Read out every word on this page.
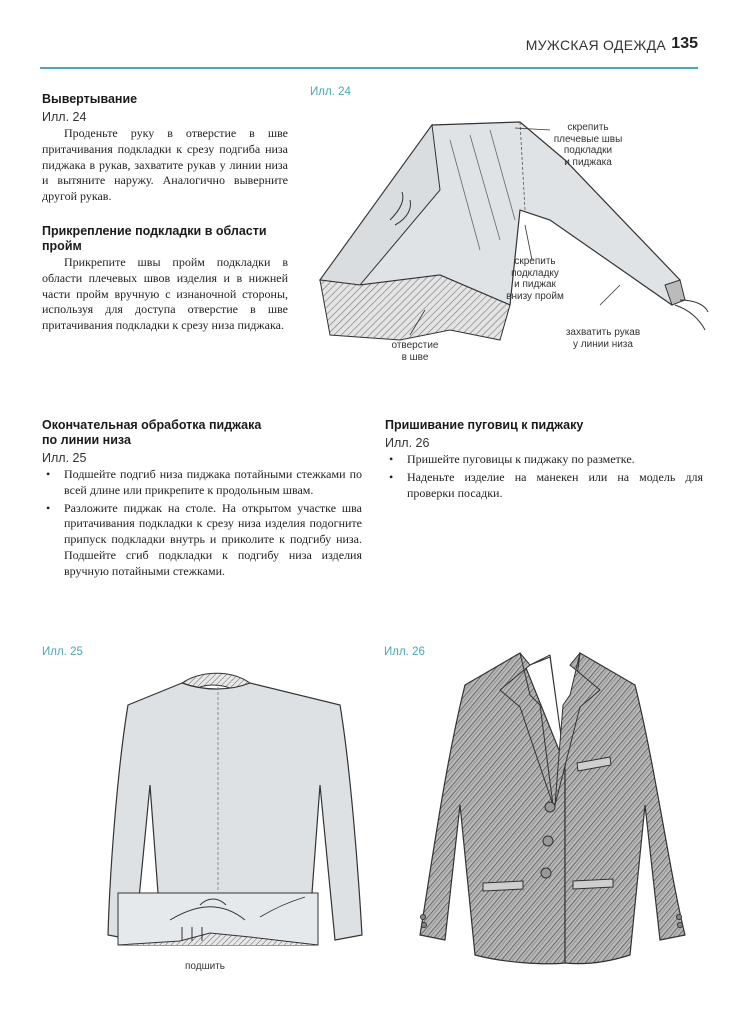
МУЖСКАЯ ОДЕЖДА 135
Вывертывание
Илл. 24

Проденьте руку в отверстие в шве притачивания подкладки к срезу подгиба низа пиджака в рукав, захватите рукав у линии низа и вытяните наружу. Аналогично выверните другой рукав.

Прикрепление подкладки в области
пройм

Прикрепите швы пройм подкладки в области плечевых швов изделия и в нижней части пройм вручную с изнаночной стороны, используя для доступа отверстие в шве притачивания подкладки к срезу низа пиджака.

Илл. 24
скрепить
плечевые швы
подкладки
и пиджака
скрепить
подкладку
и пиджак
внизу пройм
отверстие
в шве
захватить рукав
у линии низа
Окончательная обработка пиджака
по линии низа
Илл. 25
• Подшейте подгиб низа пиджака потайными стежками по всей длине или прикрепите к продольным швам.
• Разложите пиджак на столе. На открытом участке шва притачивания подкладки к срезу низа изделия подогните припуск подкладки внутрь и приколите к подгибу низа. Подшейте сгиб подкладки к подгибу низа изделия вручную потайными стежками.
Пришивание пуговиц к пиджаку
Илл. 26
• Пришейте пуговицы к пиджаку по разметке.
• Наденьте изделие на манекен или на модель для проверки посадки.
Илл. 25
подшить
Илл. 26
